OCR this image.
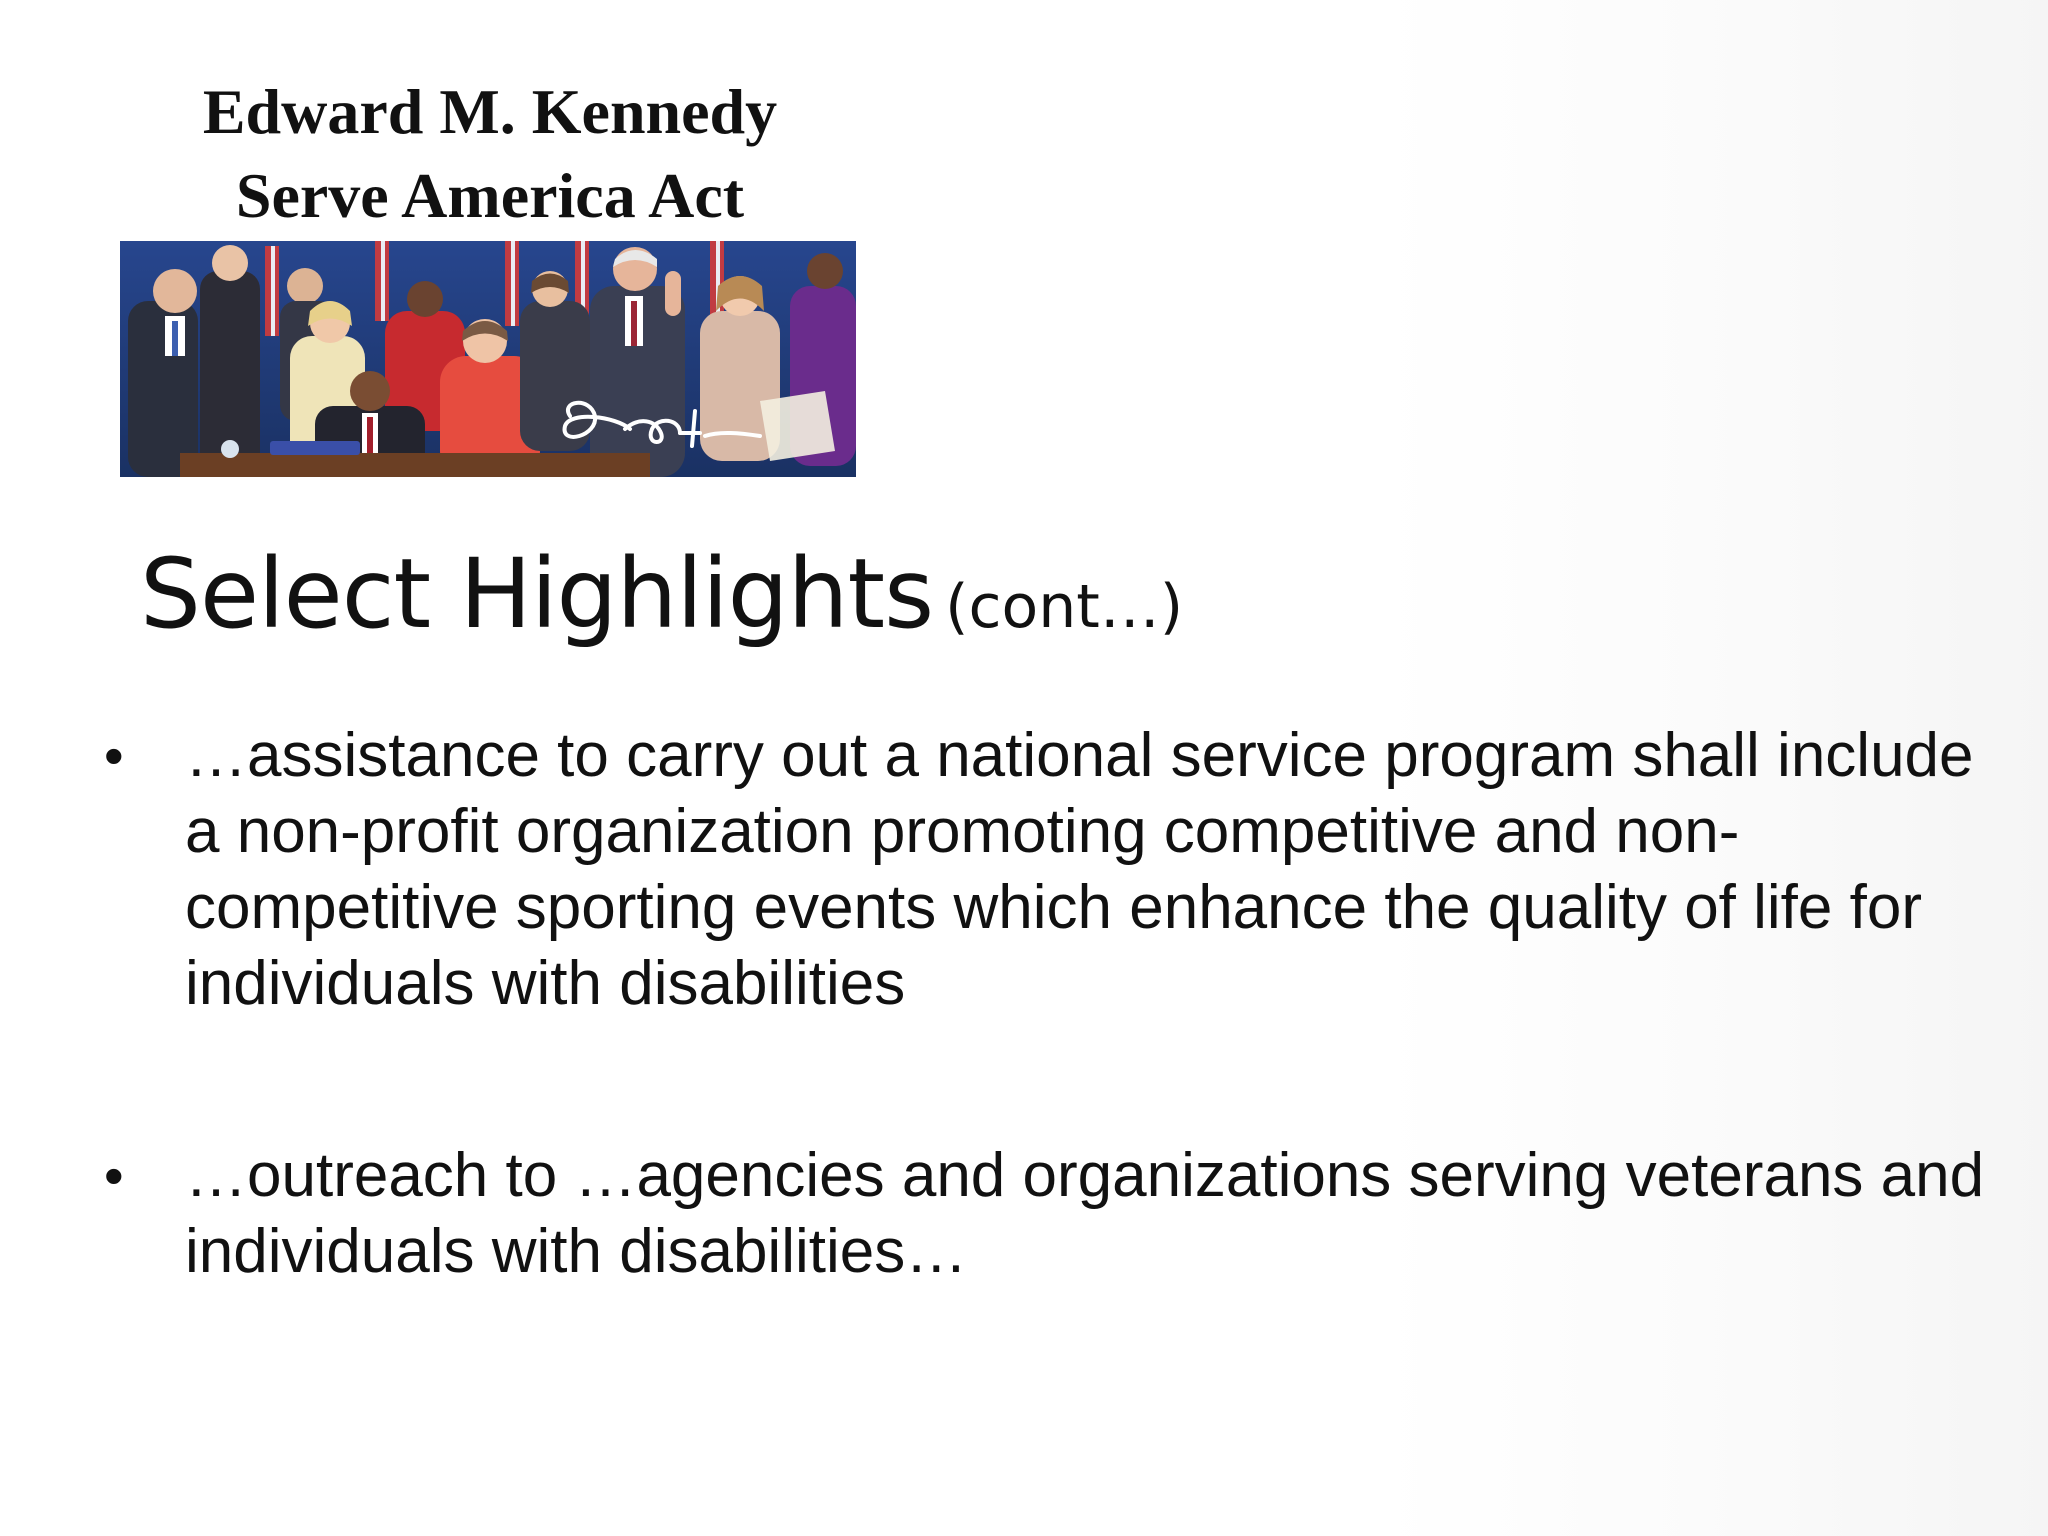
Edward M. Kennedy
Serve America Act
Select Highlights (cont…)
• …assistance to carry out a national service program shall include a non-profit organization promoting competitive and non-competitive sporting events which enhance the quality of life for individuals with disabilities
• …outreach to …agencies and organizations serving veterans and individuals with disabilities…
